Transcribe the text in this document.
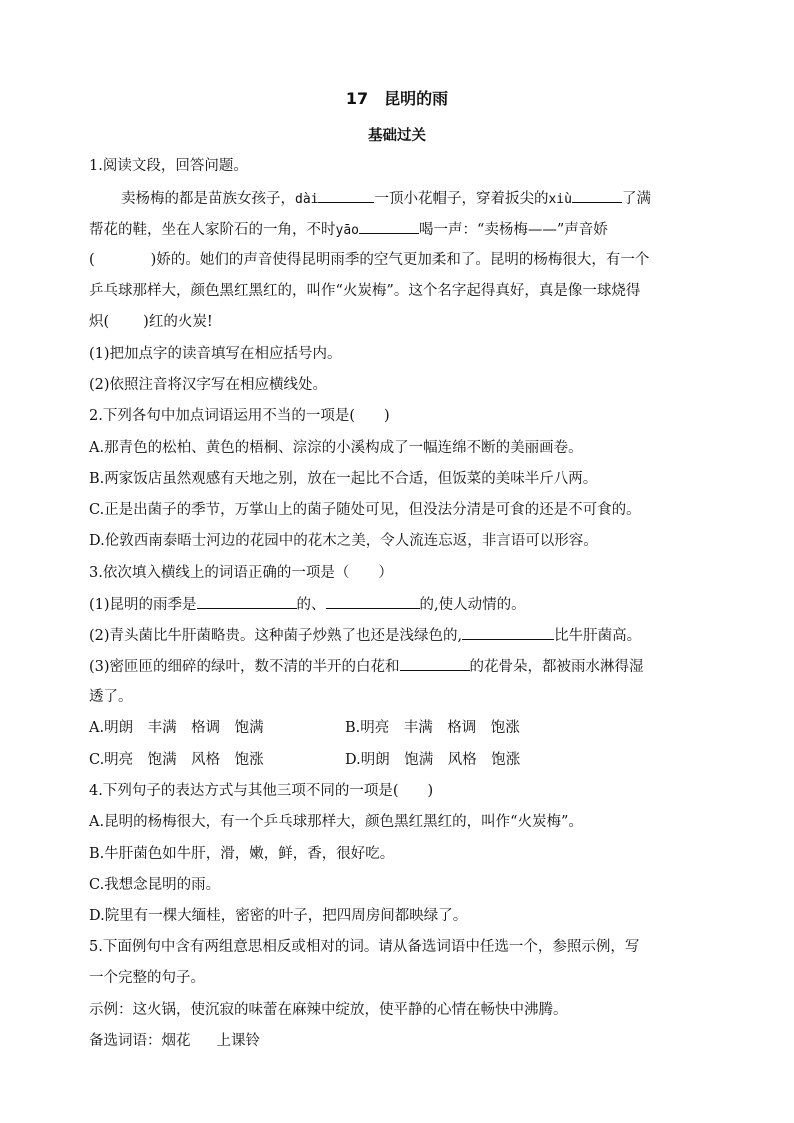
17　昆明的雨
基础过关
1.阅读文段，回答问题。
卖杨梅的都是苗族女孩子，dài	一顶小花帽子，穿着扳尖的xiù	了满
帮花的鞋，坐在人家阶石的一角，不时yāo	喝一声：“卖杨梅——”声音娇
(	)娇的。她们的声音使得昆明雨季的空气更加柔和了。昆明的杨梅很大，有一个
乒乓球那样大，颜色黑红黑红的，叫作“火炭梅”。这个名字起得真好，真是像一球烧得
炽( )红的火炭!
(1)把加点字的读音填写在相应括号内。
(2)依照注音将汉字写在相应横线处。
2.下列各句中加点词语运用不当的一项是(　　)
A.那青色的松柏、黄色的梧桐、淙淙的小溪构成了一幅连绵不断的美丽画卷。
B.两家饭店虽然观感有天地之别，放在一起比不合适，但饭菜的美味半斤八两。
C.正是出菌子的季节，万掌山上的菌子随处可见，但没法分清是可食的还是不可食的。
D.伦敦西南泰晤士河边的花园中的花木之美，令人流连忘返，非言语可以形容。
3.依次填入横线上的词语正确的一项是（　　）
(1)昆明的雨季是	的、	的,使人动情的。
(2)青头菌比牛肝菌略贵。这种菌子炒熟了也还是浅绿色的,	比牛肝菌高。
(3)密匝匝的细碎的绿叶，数不清的半开的白花和	的花骨朵，都被雨水淋得湿
透了。
A.明朗　丰满　格调　饱满	B.明亮　丰满　格调　饱涨
C.明亮　饱满　风格　饱涨	D.明朗　饱满　风格　饱涨
4.下列句子的表达方式与其他三项不同的一项是(　　)
A.昆明的杨梅很大，有一个乒乓球那样大，颜色黑红黑红的，叫作“火炭梅”。
B.牛肝菌色如牛肝，滑，嫩，鲜，香，很好吃。
C.我想念昆明的雨。
D.院里有一棵大缅桂，密密的叶子，把四周房间都映绿了。
5.下面例句中含有两组意思相反或相对的词。请从备选词语中任选一个，参照示例，写
一个完整的句子。
示例：这火锅，使沉寂的味蕾在麻辣中绽放，使平静的心情在畅快中沸腾。
备选词语：烟花 上课铃
